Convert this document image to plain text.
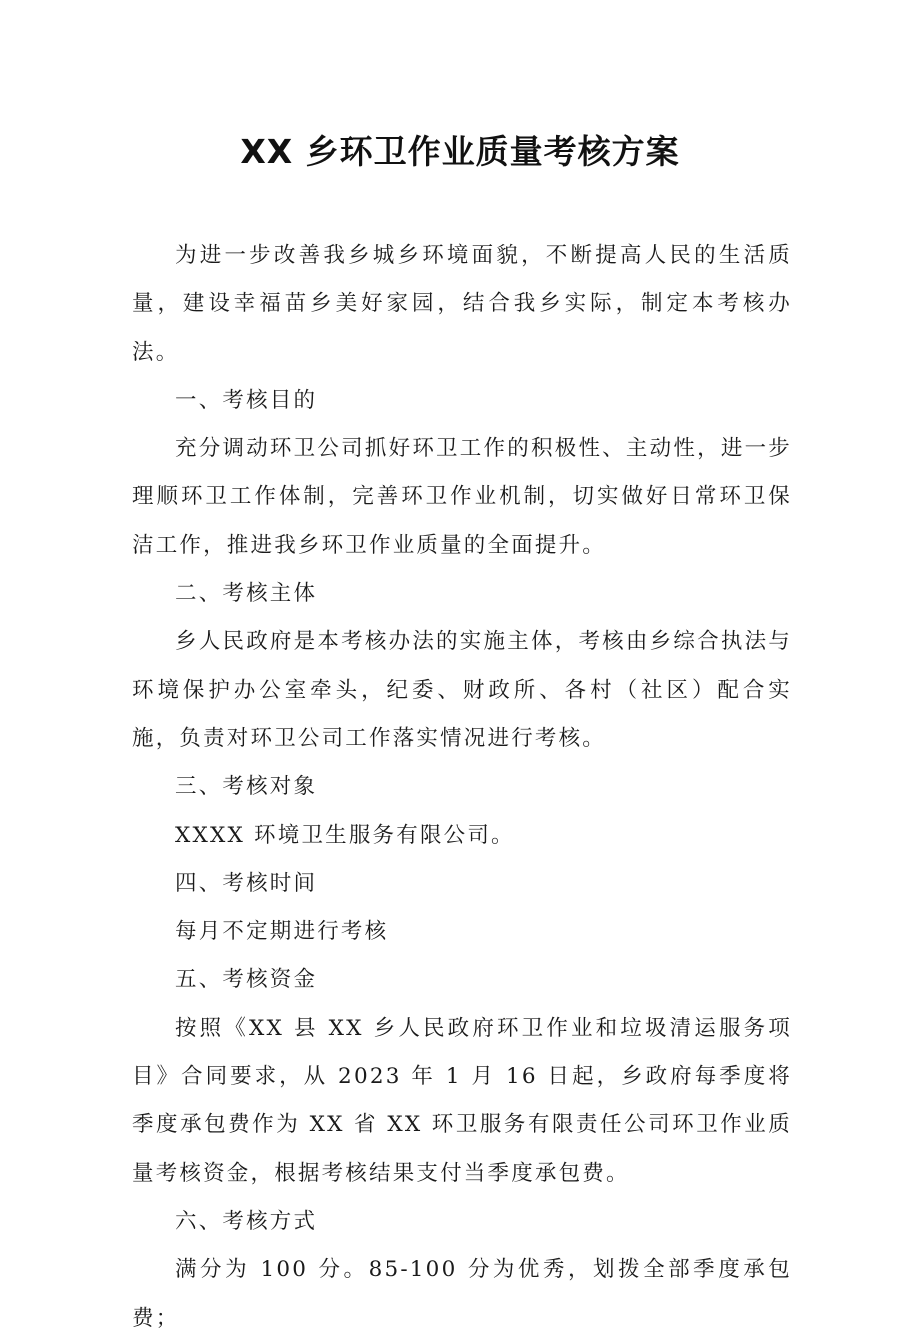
XX 乡环卫作业质量考核方案

为进一步改善我乡城乡环境面貌，不断提高人民的生活质量，建设幸福苗乡美好家园，结合我乡实际，制定本考核办法。

一、考核目的

充分调动环卫公司抓好环卫工作的积极性、主动性，进一步理顺环卫工作体制，完善环卫作业机制，切实做好日常环卫保洁工作，推进我乡环卫作业质量的全面提升。

二、考核主体

乡人民政府是本考核办法的实施主体，考核由乡综合执法与环境保护办公室牵头，纪委、财政所、各村（社区）配合实施，负责对环卫公司工作落实情况进行考核。

三、考核对象

XXXX 环境卫生服务有限公司。

四、考核时间

每月不定期进行考核

五、考核资金

按照《XX 县 XX 乡人民政府环卫作业和垃圾清运服务项目》合同要求，从 2023 年 1 月 16 日起，乡政府每季度将季度承包费作为 XX 省 XX 环卫服务有限责任公司环卫作业质量考核资金，根据考核结果支付当季度承包费。

六、考核方式

满分为 100 分。85-100 分为优秀，划拨全部季度承包费；
